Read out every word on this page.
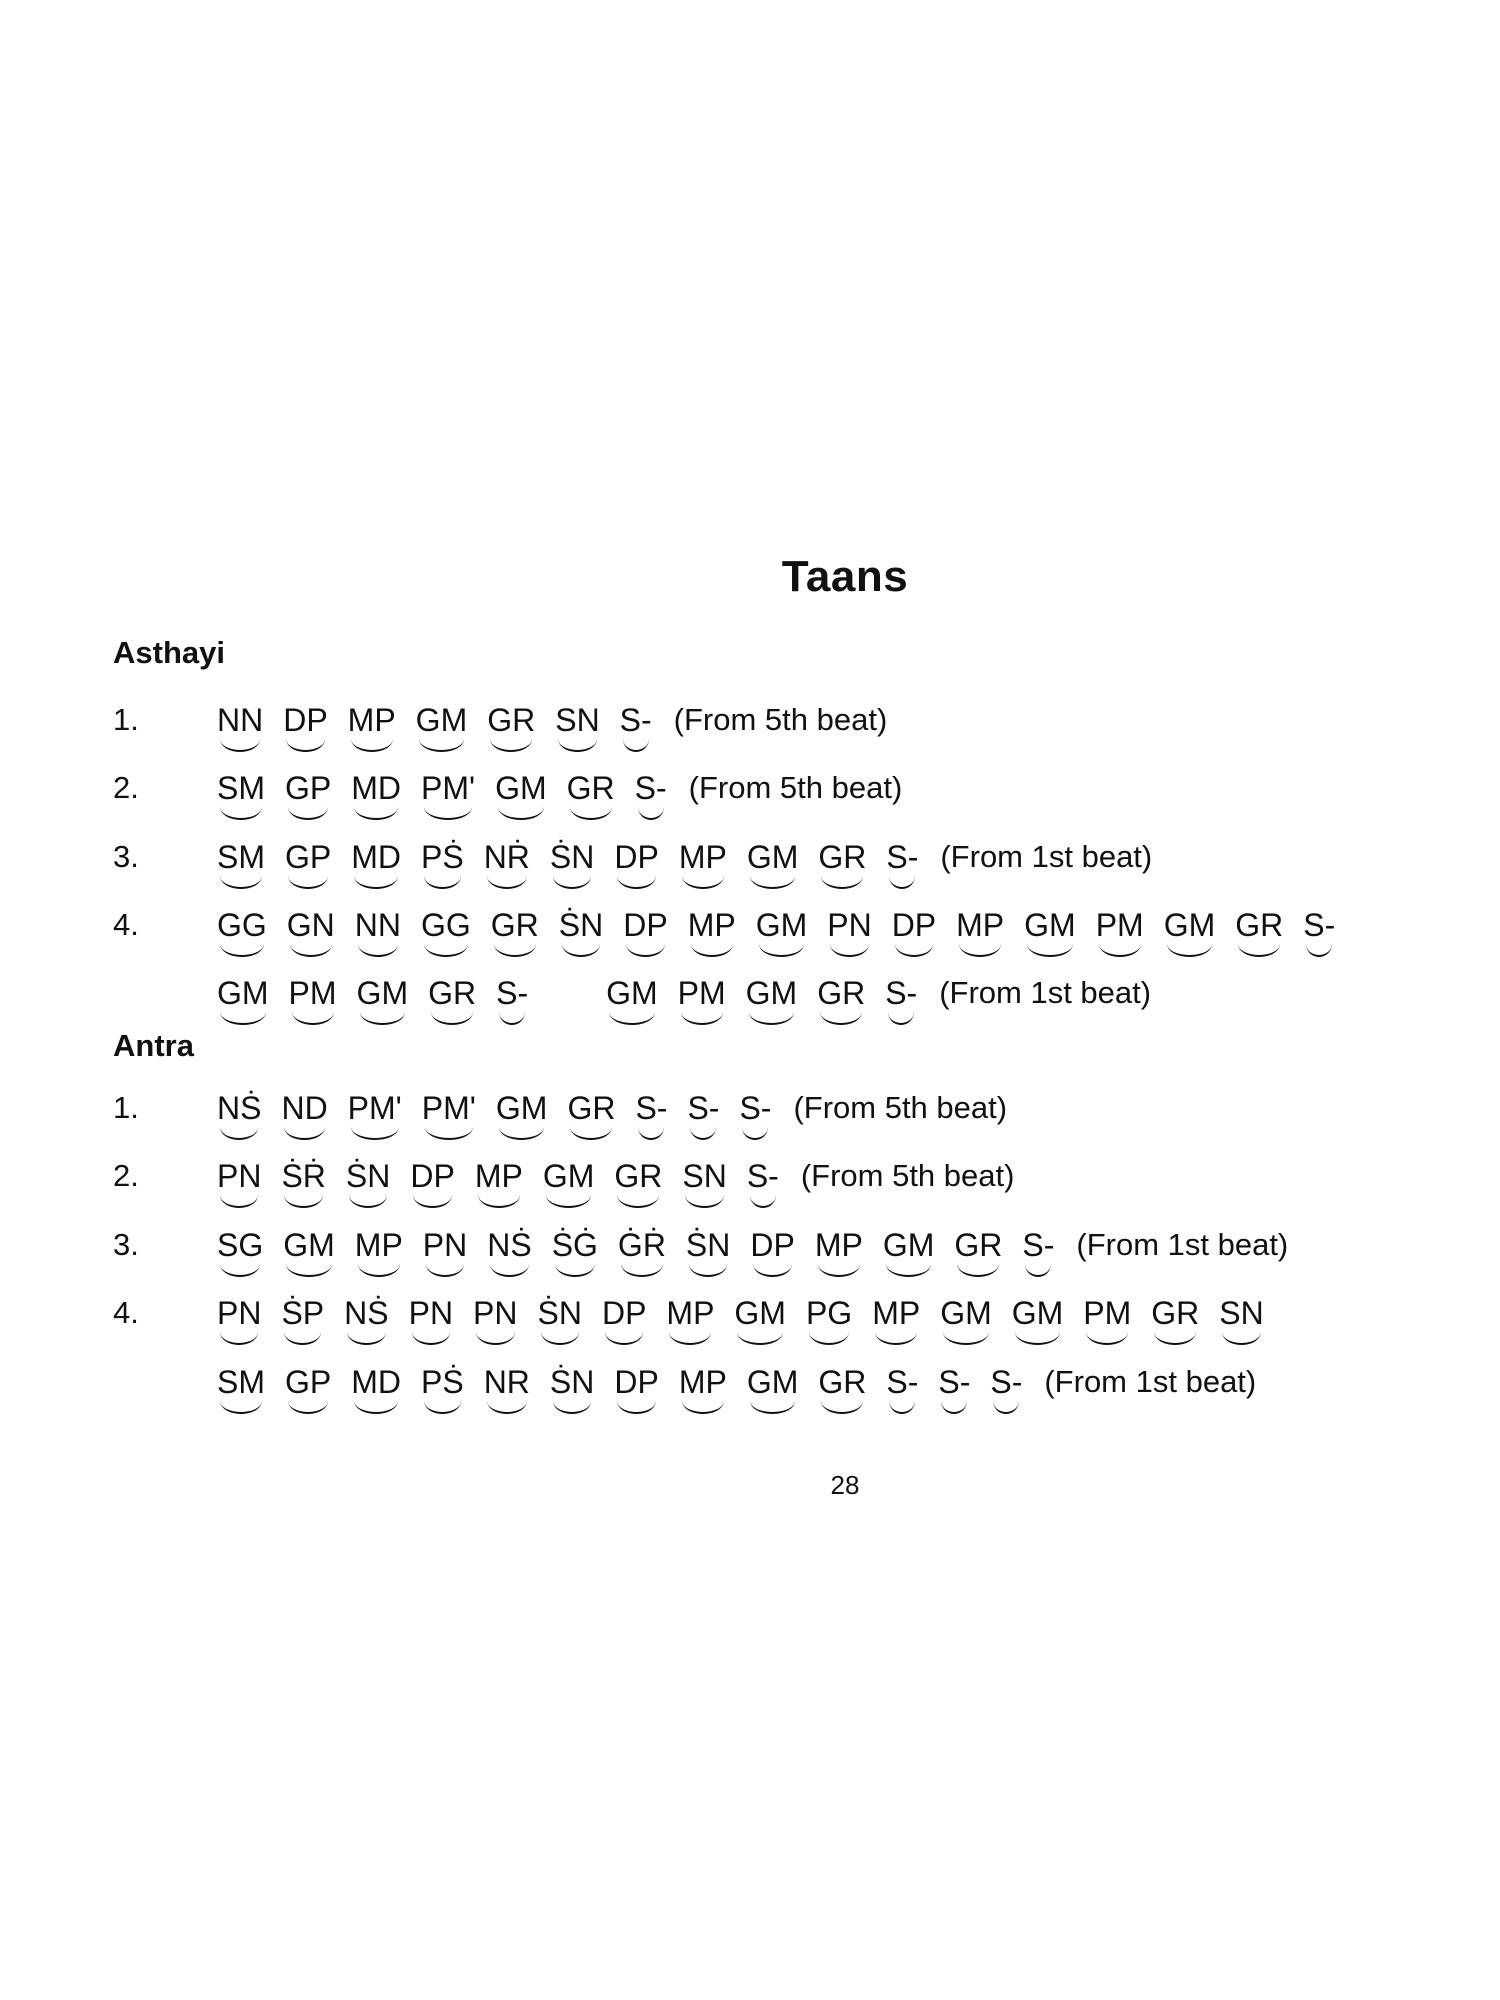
Taans
Asthayi
1.	NN DP MP GM GR SN S- (From 5th beat)
2.	SM GP MD PM' GM GR S- (From 5th beat)
3.	SM GP MD PṠ NṘ ṠN DP MP GM GR S- (From 1st beat)
4.	GG GN NN GG GR ṠN DP MP GM PN DP MP GM PM GM GR S-
GM PM GM GR S- GM PM GM GR S- (From 1st beat)
Antra
1.	NṠ ND PM' PM' GM GR S- S- S- (From 5th beat)
2.	PN ṠṘ ṠN DP MP GM GR SN S- (From 5th beat)
3.	SG GM MP PN NṠ ṠĠ ĠṘ ṠN DP MP GM GR S- (From 1st beat)
4.	PN ṠP NṠ PN PN ṠN DP MP GM PG MP GM GM PM GR SN
SM GP MD PṠ NR ṠN DP MP GM GR S- S- S- (From 1st beat)
28
